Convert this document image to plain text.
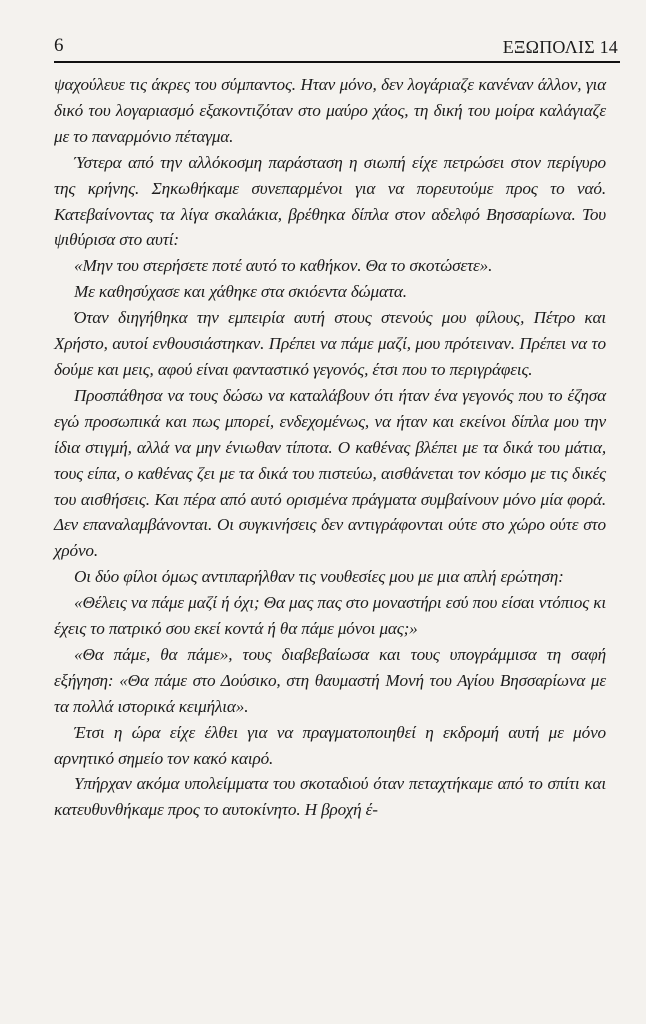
6	ΕΞΩΠΟΛΙΣ 14

ψαχούλευε τις άκρες του σύμπαντος. Ηταν μόνο, δεν λογάριαζε κανέναν άλλον, για δικό του λογαριασμό εξακοντιζόταν στο μαύρο χάος, τη δική του μοίρα καλάγιαζε με το παναρμόνιο πέταγμα.

Ύστερα από την αλλόκοσμη παράσταση η σιωπή είχε πετρώσει στον περίγυρο της κρήνης. Σηκωθήκαμε συνεπαρμένοι για να πορευτούμε προς το ναό. Κατεβαίνοντας τα λίγα σκαλάκια, βρέθηκα δίπλα στον αδελφό Βησσαρίωνα. Του ψιθύρισα στο αυτί:

«Μην του στερήσετε ποτέ αυτό το καθήκον. Θα το σκοτώσετε».

Με καθησύχασε και χάθηκε στα σκιόεντα δώματα.

Όταν διηγήθηκα την εμπειρία αυτή στους στενούς μου φίλους, Πέτρο και Χρήστο, αυτοί ενθουσιάστηκαν. Πρέπει να πάμε μαζί, μου πρότειναν. Πρέπει να το δούμε και μεις, αφού είναι φανταστικό γεγονός, έτσι που το περιγράφεις.

Προσπάθησα να τους δώσω να καταλάβουν ότι ήταν ένα γεγονός που το έζησα εγώ προσωπικά και πως μπορεί, ενδεχομένως, να ήταν και εκείνοι δίπλα μου την ίδια στιγμή, αλλά να μην ένιωθαν τίποτα. Ο καθένας βλέπει με τα δικά του μάτια, τους είπα, ο καθένας ζει με τα δικά του πιστεύω, αισθάνεται τον κόσμο με τις δικές του αισθήσεις. Και πέρα από αυτό ορισμένα πράγματα συμβαίνουν μόνο μία φορά. Δεν επαναλαμβάνονται. Οι συγκινήσεις δεν αντιγράφονται ούτε στο χώρο ούτε στο χρόνο.

Οι δύο φίλοι όμως αντιπαρήλθαν τις νουθεσίες μου με μια απλή ερώτηση:

«Θέλεις να πάμε μαζί ή όχι; Θα μας πας στο μοναστήρι εσύ που είσαι ντόπιος κι έχεις το πατρικό σου εκεί κοντά ή θα πάμε μόνοι μας;»

«Θα πάμε, θα πάμε», τους διαβεβαίωσα και τους υπογράμμισα τη σαφή εξήγηση: «Θα πάμε στο Δούσικο, στη θαυμαστή Μονή του Αγίου Βησσαρίωνα με τα πολλά ιστορικά κειμήλια».

Έτσι η ώρα είχε έλθει για να πραγματοποιηθεί η εκδρομή αυτή με μόνο αρνητικό σημείο τον κακό καιρό.

Υπήρχαν ακόμα υπολείμματα του σκοταδιού όταν πεταχτήκαμε από το σπίτι και κατευθυνθήκαμε προς το αυτοκίνητο. Η βροχή έ-
